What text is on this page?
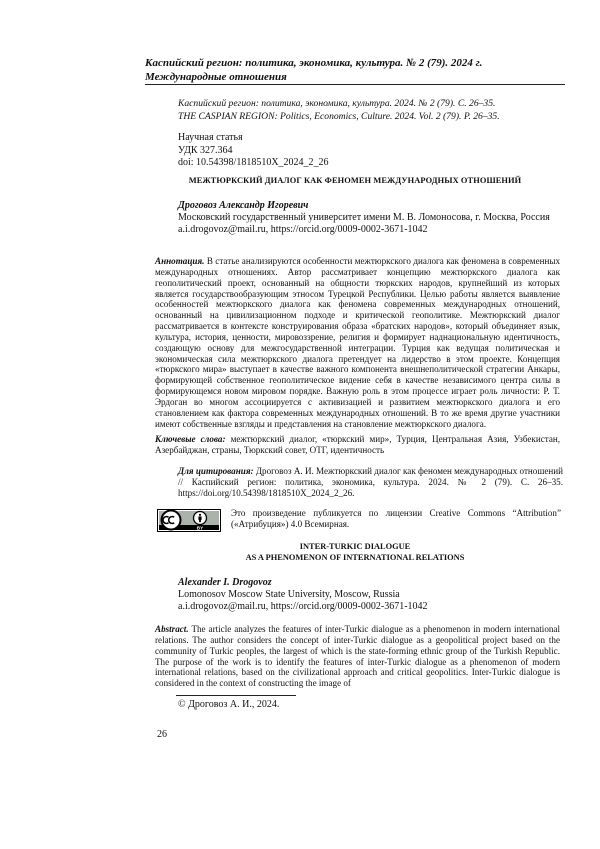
Каспийский регион: политика, экономика, культура. № 2 (79). 2024 г.
Международные отношения
Каспийский регион: политика, экономика, культура. 2024. № 2 (79). С. 26–35.
THE CASPIAN REGION: Politics, Economics, Culture. 2024. Vol. 2 (79). P. 26–35.
Научная статья
УДК 327.364
doi: 10.54398/1818510X_2024_2_26
МЕЖТЮРКСКИЙ ДИАЛОГ КАК ФЕНОМЕН МЕЖДУНАРОДНЫХ ОТНОШЕНИЙ
Дроговоз Александр Игоревич
Московский государственный университет имени М. В. Ломоносова, г. Москва, Россия
a.i.drogovoz@mail.ru, https://orcid.org/0009-0002-3671-1042
Аннотация. В статье анализируются особенности межтюркского диалога как феномена в современных международных отношениях. Автор рассматривает концепцию межтюркского диалога как геополитический проект, основанный на общности тюркских народов, крупнейший из которых является государствообразующим этносом Турецкой Республики. Целью работы является выявление особенностей межтюркского диалога как феномена современных международных отношений, основанный на цивилизационном подходе и критической геополитике. Межтюркский диалог рассматривается в контексте конструирования образа «братских народов», который объединяет язык, культура, история, ценности, мировоззрение, религия и формирует наднациональную идентичность, создающую основу для межгосударственной интеграции. Турция как ведущая политическая и экономическая сила межтюркского диалога претендует на лидерство в этом проекте. Концепция «тюркского мира» выступает в качестве важного компонента внешнеполитической стратегии Анкары, формирующей собственное геополитическое видение себя в качестве независимого центра силы в формирующемся новом мировом порядке. Важную роль в этом процессе играет роль личности: Р. Т. Эрдоган во многом ассоциируется с активизацией и развитием межтюркского диалога и его становлением как фактора современных международных отношений. В то же время другие участники имеют собственные взгляды и представления на становление межтюркского диалога.
Ключевые слова: межтюркский диалог, «тюркский мир», Турция, Центральная Азия, Узбекистан, Азербайджан, страны, Тюркский совет, ОТГ, идентичность
Для цитирования: Дроговоз А. И. Межтюркский диалог как феномен международных отношений // Каспийский регион: политика, экономика, культура. 2024. № 2 (79). С. 26–35. https://doi.org/10.54398/1818510X_2024_2_26.
BY
Это произведение публикуется по лицензии Creative Commons “Attribution” («Атрибуция») 4.0 Всемирная.
INTER-TURKIC DIALOGUE
AS A PHENOMENON OF INTERNATIONAL RELATIONS
Alexander I. Drogovoz
Lomonosov Moscow State University, Moscow, Russia
a.i.drogovoz@mail.ru, https://orcid.org/0009-0002-3671-1042
Abstract. The article analyzes the features of inter-Turkic dialogue as a phenomenon in modern international relations. The author considers the concept of inter-Turkic dialogue as a geopolitical project based on the community of Turkic peoples, the largest of which is the state-forming ethnic group of the Turkish Republic. The purpose of the work is to identify the features of inter-Turkic dialogue as a phenomenon of modern international relations, based on the civilizational approach and critical geopolitics. Inter-Turkic dialogue is considered in the context of constructing the image of
© Дроговоз А. И., 2024.
26
